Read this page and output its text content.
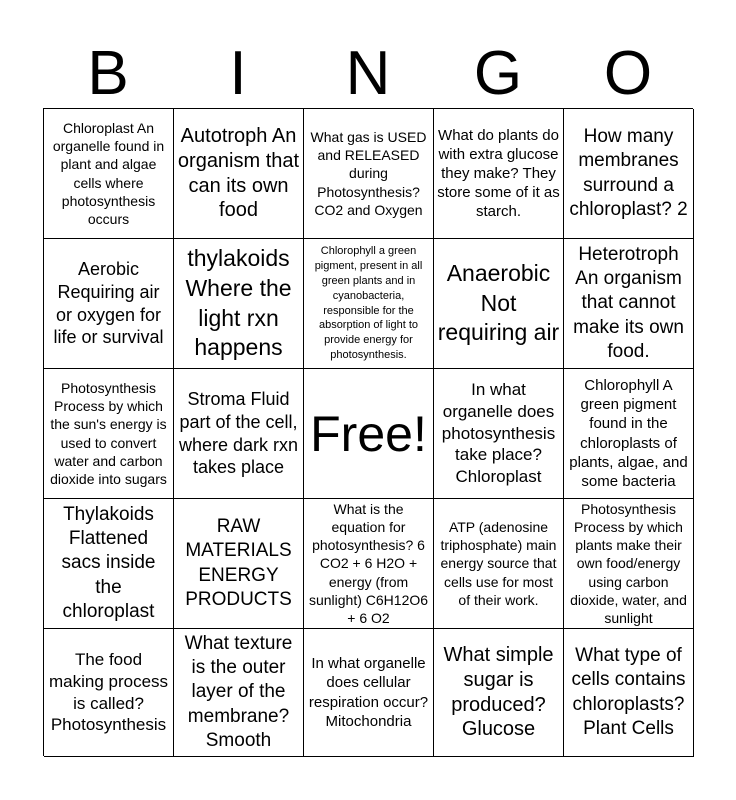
B	I	N	G	O
Chloroplast An organelle found in plant and algae cells where photosynthesis occurs
Autotroph An organism that can its own food
What gas is USED and RELEASED during Photosynthesis? CO2 and Oxygen
What do plants do with extra glucose they make? They store some of it as starch.
How many membranes surround a chloroplast? 2
Aerobic Requiring air or oxygen for life or survival
thylakoids Where the light rxn happens
Chlorophyll a green pigment, present in all green plants and in cyanobacteria, responsible for the absorption of light to provide energy for photosynthesis.
Anaerobic Not requiring air
Heterotroph An organism that cannot make its own food.
Photosynthesis Process by which the sun's energy is used to convert water and carbon dioxide into sugars
Stroma Fluid part of the cell, where dark rxn takes place
Free!
In what organelle does photosynthesis take place? Chloroplast
Chlorophyll A green pigment found in the chloroplasts of plants, algae, and some bacteria
Thylakoids Flattened sacs inside the chloroplast
RAW MATERIALS ENERGY PRODUCTS
What is the equation for photosynthesis? 6 CO2 + 6 H2O + energy (from sunlight) C6H12O6 + 6 O2
ATP (adenosine triphosphate) main energy source that cells use for most of their work.
Photosynthesis Process by which plants make their own food/energy using carbon dioxide, water, and sunlight
The food making process is called? Photosynthesis
What texture is the outer layer of the membrane? Smooth
In what organelle does cellular respiration occur? Mitochondria
What simple sugar is produced? Glucose
What type of cells contains chloroplasts? Plant Cells
